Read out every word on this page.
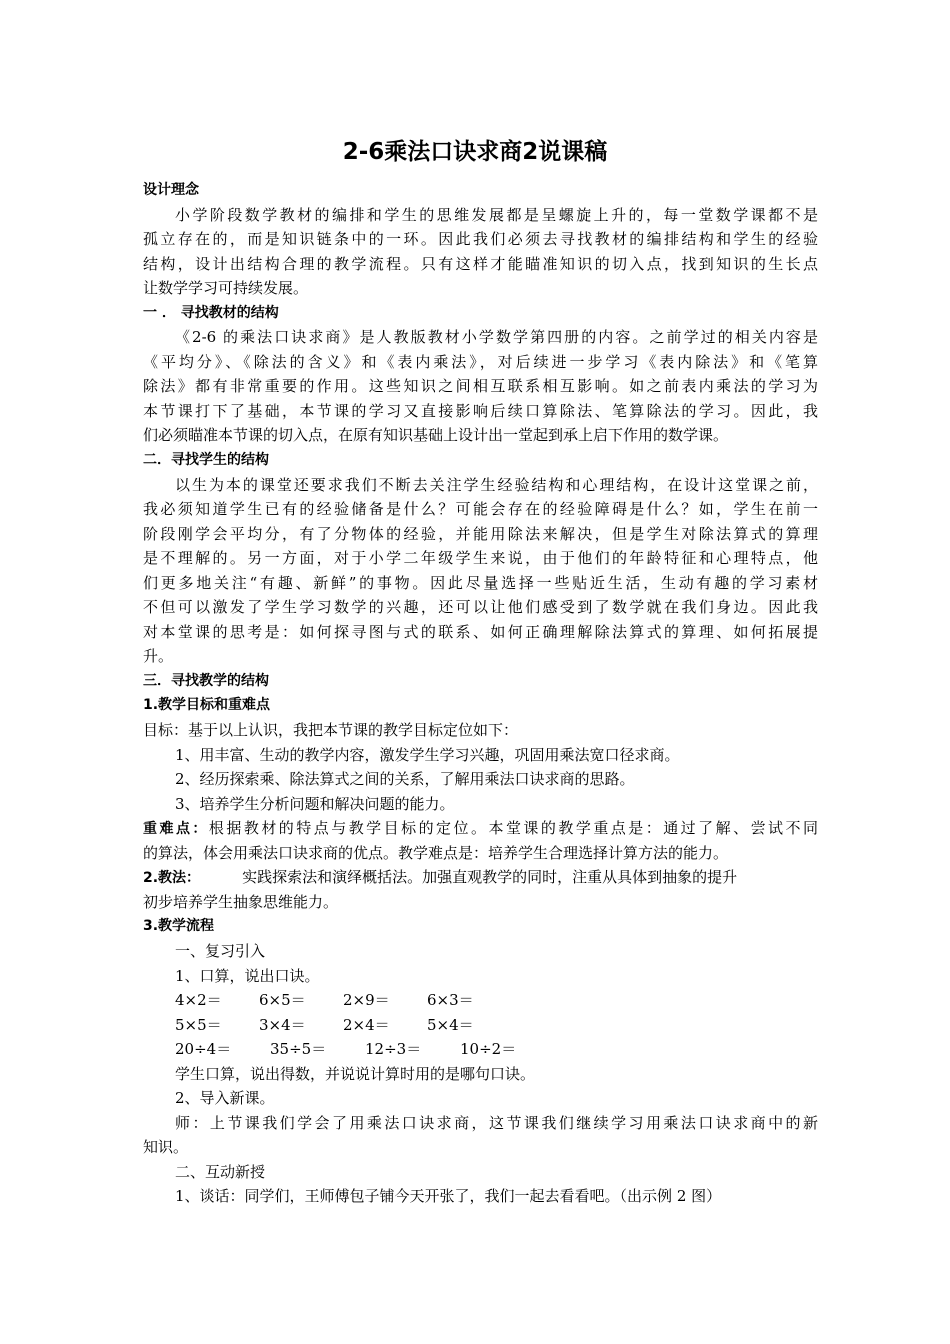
2-6乘法口诀求商2说课稿
设计理念
小学阶段数学教材的编排和学生的思维发展都是呈螺旋上升的，每一堂数学课都不是
孤立存在的，而是知识链条中的一环。因此我们必须去寻找教材的编排结构和学生的经验
结构，设计出结构合理的教学流程。只有这样才能瞄准知识的切入点，找到知识的生长点
让数学学习可持续发展。
一 ． 寻找教材的结构
《2-6 的乘法口诀求商》是人教版教材小学数学第四册的内容。之前学过的相关内容是
《平均分》、《除法的含义》和《表内乘法》，对后续进一步学习《表内除法》和《笔算
除法》都有非常重要的作用。这些知识之间相互联系相互影响。如之前表内乘法的学习为
本节课打下了基础，本节课的学习又直接影响后续口算除法、笔算除法的学习。因此，我
们必须瞄准本节课的切入点，在原有知识基础上设计出一堂起到承上启下作用的数学课。
二．寻找学生的结构
以生为本的课堂还要求我们不断去关注学生经验结构和心理结构，在设计这堂课之前，
我必须知道学生已有的经验储备是什么？可能会存在的经验障碍是什么？如，学生在前一
阶段刚学会平均分，有了分物体的经验，并能用除法来解决，但是学生对除法算式的算理
是不理解的。另一方面，对于小学二年级学生来说，由于他们的年龄特征和心理特点，他
们更多地关注“有趣、新鲜”的事物。因此尽量选择一些贴近生活，生动有趣的学习素材
不但可以激发了学生学习数学的兴趣，还可以让他们感受到了数学就在我们身边。因此我
对本堂课的思考是：如何探寻图与式的联系、如何正确理解除法算式的算理、如何拓展提
升。
三．寻找教学的结构
1.教学目标和重难点
目标：基于以上认识，我把本节课的教学目标定位如下：
1、用丰富、生动的教学内容，激发学生学习兴趣，巩固用乘法宽口径求商。
2、经历探索乘、除法算式之间的关系，了解用乘法口诀求商的思路。
3、培养学生分析问题和解决问题的能力。
重难点：根据教材的特点与教学目标的定位。本堂课的教学重点是：通过了解、尝试不同
的算法，体会用乘法口诀求商的优点。教学难点是：培养学生合理选择计算方法的能力。
2.教法：	实践探索法和演绎概括法。加强直观教学的同时，注重从具体到抽象的提升
初步培养学生抽象思维能力。
3.教学流程
一、复习引入
1、口算，说出口诀。
4×2＝ 6×5＝ 2×9＝ 6×3＝
5×5＝ 3×4＝ 2×4＝ 5×4＝
20÷4＝	35÷5＝	12÷3＝	10÷2＝
学生口算，说出得数，并说说计算时用的是哪句口诀。
2、导入新课。
师：上节课我们学会了用乘法口诀求商，这节课我们继续学习用乘法口诀求商中的新
知识。
二、互动新授
1、谈话：同学们，王师傅包子铺今天开张了，我们一起去看看吧。（出示例 2 图）
